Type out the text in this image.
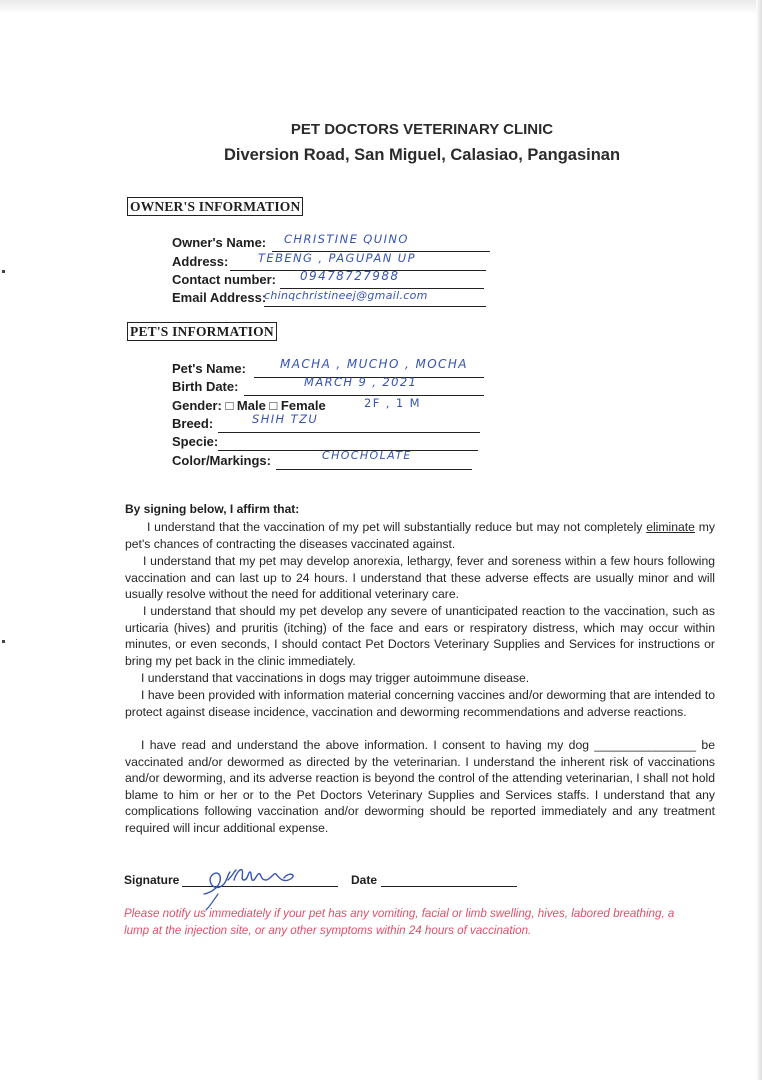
PET DOCTORS VETERINARY CLINIC
Diversion Road, San Miguel, Calasiao, Pangasinan
OWNER'S INFORMATION
Owner's Name: CHRISTINE QUINO
Address:	TEBENG , PAGUPAN UP
Contact number: 09478727988
Email Address:
chinqchristineej@gmail.com
PET'S INFORMATION
Pet's Name:	MACHA , MUCHO , MOCHA
Birth Date:	MARCH 9 , 2021
Gender: □ Male □ Female	2F , 1 M
Breed:	SHIH TZU
Specie:
Color/Markings:	CHOCHOLATE
By signing below, I affirm that:
I understand that the vaccination of my pet will substantially reduce but may not completely eliminate my pet's chances of contracting the diseases vaccinated against.
I understand that my pet may develop anorexia, lethargy, fever and soreness within a few hours following vaccination and can last up to 24 hours. I understand that these adverse effects are usually minor and will usually resolve without the need for additional veterinary care.
I understand that should my pet develop any severe of unanticipated reaction to the vaccination, such as urticaria (hives) and pruritis (itching) of the face and ears or respiratory distress, which may occur within minutes, or even seconds, I should contact Pet Doctors Veterinary Supplies and Services for instructions or bring my pet back in the clinic immediately.
I understand that vaccinations in dogs may trigger autoimmune disease.
I have been provided with information material concerning vaccines and/or deworming that are intended to protect against disease incidence, vaccination and deworming recommendations and adverse reactions.
I have read and understand the above information. I consent to having my dog _______________ be vaccinated and/or dewormed as directed by the veterinarian. I understand the inherent risk of vaccinations and/or deworming, and its adverse reaction is beyond the control of the attending veterinarian, I shall not hold blame to him or her or to the Pet Doctors Veterinary Supplies and Services staffs. I understand that any complications following vaccination and/or deworming should be reported immediately and any treatment required will incur additional expense.
Signature	Date
Please notify us immediately if your pet has any vomiting, facial or limb swelling, hives, labored breathing, a lump at the injection site, or any other symptoms within 24 hours of vaccination.
